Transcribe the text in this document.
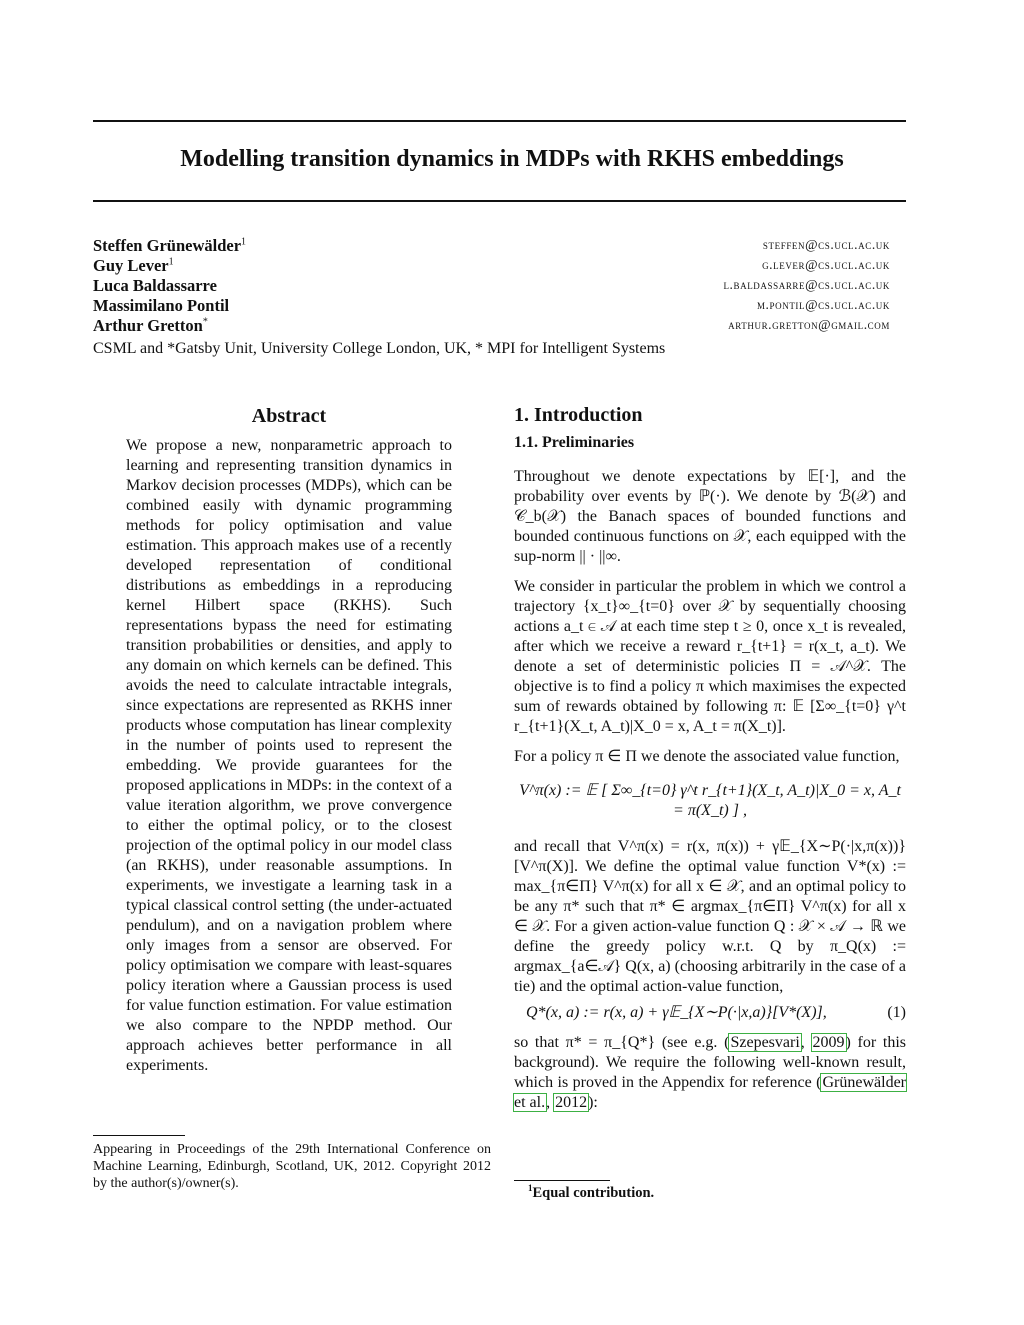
Modelling transition dynamics in MDPs with RKHS embeddings
Steffen Grünewälder$^1$	steffen@cs.ucl.ac.uk
Guy Lever$^1$	g.lever@cs.ucl.ac.uk
Luca Baldassarre	l.baldassarre@cs.ucl.ac.uk
Massimilano Pontil	m.pontil@cs.ucl.ac.uk
Arthur Gretton*	arthur.gretton@gmail.com
CSML and *Gatsby Unit, University College London, UK, * MPI for Intelligent Systems
Abstract

We propose a new, nonparametric approach to learning and representing transition dynamics in Markov decision processes (MDPs), which can be combined easily with dynamic programming methods for policy optimisation and value estimation. This approach makes use of a recently developed representation of conditional distributions as embeddings in a reproducing kernel Hilbert space (RKHS). Such representations bypass the need for estimating transition probabilities or densities, and apply to any domain on which kernels can be defined. This avoids the need to calculate intractable integrals, since expectations are represented as RKHS inner products whose computation has linear complexity in the number of points used to represent the embedding. We provide guarantees for the proposed applications in MDPs: in the context of a value iteration algorithm, we prove convergence to either the optimal policy, or to the closest projection of the optimal policy in our model class (an RKHS), under reasonable assumptions. In experiments, we investigate a learning task in a typical classical control setting (the under-actuated pendulum), and on a navigation problem where only images from a sensor are observed. For policy optimisation we compare with least-squares policy iteration where a Gaussian process is used for value function estimation. For value estimation we also compare to the NPDP method. Our approach achieves better performance in all experiments.

Appearing in Proceedings of the 29th International Conference on Machine Learning, Edinburgh, Scotland, UK, 2012. Copyright 2012 by the author(s)/owner(s).
1. Introduction
1.1. Preliminaries

Throughout we denote expectations by 𝔼[·], and the probability over events by ℙ(·). We denote by ℬ(𝒳) and 𝒞_b(𝒳) the Banach spaces of bounded functions and bounded continuous functions on 𝒳, each equipped with the sup-norm || · ||∞.

We consider in particular the problem in which we control a trajectory {x_t}∞_{t=0} over 𝒳 by sequentially choosing actions a_t ∈ 𝒜 at each time step t ≥ 0, once x_t is revealed, after which we receive a reward r_{t+1} = r(x_t, a_t). We denote a set of deterministic policies Π = 𝒜^𝒳. The objective is to find a policy π which maximises the expected sum of rewards obtained by following π: 𝔼 [Σ∞_{t=0} γ^t r_{t+1}(X_t, A_t)|X_0 = x, A_t = π(X_t)].

For a policy π ∈ Π we denote the associated value function,

V^π(x) := 𝔼 [ Σ∞_{t=0} γ^t r_{t+1}(X_t, A_t)|X_0 = x, A_t = π(X_t) ] ,

and recall that V^π(x) = r(x, π(x)) + γ𝔼_{X∼P(·|x,π(x))}[V^π(X)]. We define the optimal value function V*(x) := max_{π∈Π} V^π(x) for all x ∈ 𝒳, and an optimal policy to be any π* such that π* ∈ argmax_{π∈Π} V^π(x) for all x ∈ 𝒳. For a given action-value function Q : 𝒳 × 𝒜 → ℝ we define the greedy policy w.r.t. Q by π_Q(x) := argmax_{a∈𝒜} Q(x, a) (choosing arbitrarily in the case of a tie) and the optimal action-value function,

Q*(x, a) := r(x, a) + γ𝔼_{X∼P(·|x,a)}[V*(X)],	(1)

so that π* = π_{Q*} (see e.g. (Szepesvari, 2009) for this background). We require the following well-known result, which is proved in the Appendix for reference (Grünewälder et al., 2012):

$^1$Equal contribution.
